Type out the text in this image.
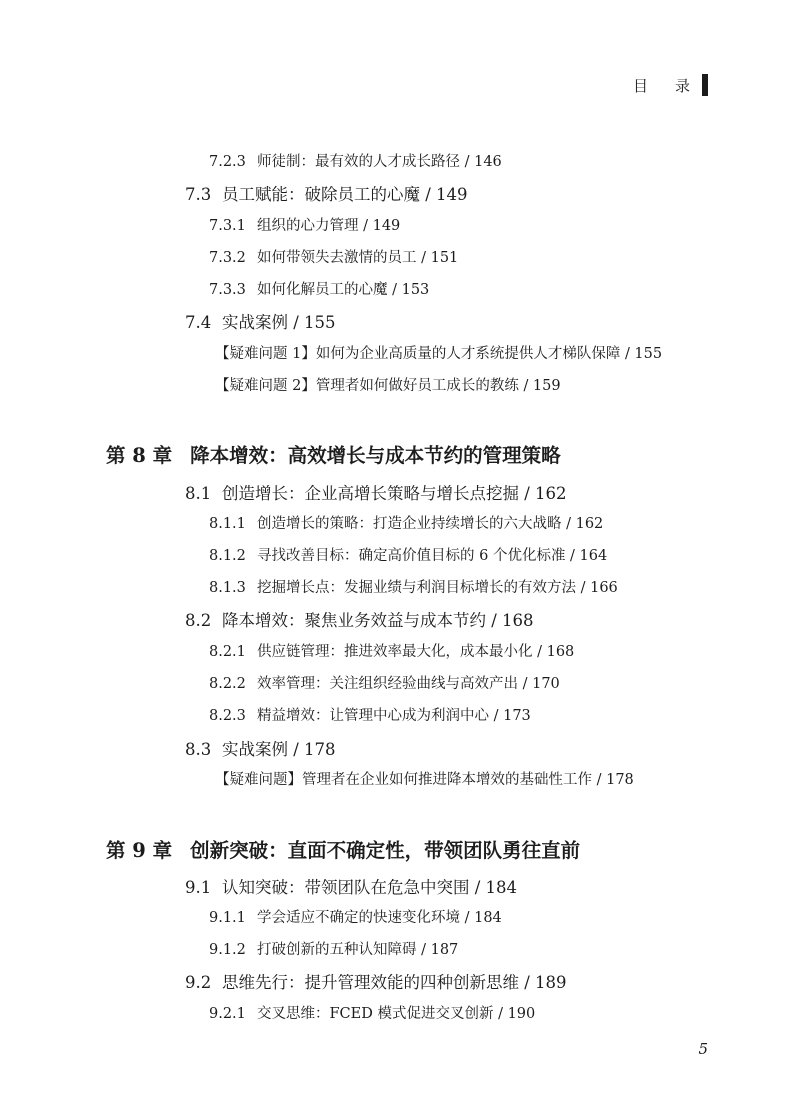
目　录
7.2.3 师徒制：最有效的人才成长路径 / 146
7.3 员工赋能：破除员工的心魔 / 149
7.3.1 组织的心力管理 / 149
7.3.2 如何带领失去激情的员工 / 151
7.3.3 如何化解员工的心魔 / 153
7.4 实战案例 / 155
【疑难问题 1】如何为企业高质量的人才系统提供人才梯队保障 / 155
【疑难问题 2】管理者如何做好员工成长的教练 / 159
第 8 章 降本增效：高效增长与成本节约的管理策略
8.1 创造增长：企业高增长策略与增长点挖掘 / 162
8.1.1 创造增长的策略：打造企业持续增长的六大战略 / 162
8.1.2 寻找改善目标：确定高价值目标的 6 个优化标准 / 164
8.1.3 挖掘增长点：发掘业绩与利润目标增长的有效方法 / 166
8.2 降本增效：聚焦业务效益与成本节约 / 168
8.2.1 供应链管理：推进效率最大化，成本最小化 / 168
8.2.2 效率管理：关注组织经验曲线与高效产出 / 170
8.2.3 精益增效：让管理中心成为利润中心 / 173
8.3 实战案例 / 178
【疑难问题】管理者在企业如何推进降本增效的基础性工作 / 178
第 9 章 创新突破：直面不确定性，带领团队勇往直前
9.1 认知突破：带领团队在危急中突围 / 184
9.1.1 学会适应不确定的快速变化环境 / 184
9.1.2 打破创新的五种认知障碍 / 187
9.2 思维先行：提升管理效能的四种创新思维 / 189
9.2.1 交叉思维：FCED 模式促进交叉创新 / 190
5
